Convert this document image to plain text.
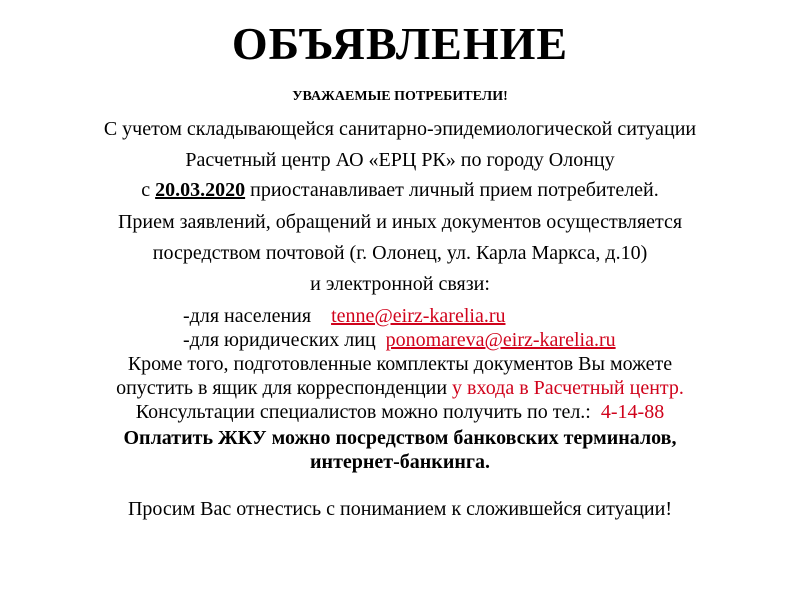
ОБЪЯВЛЕНИЕ
УВАЖАЕМЫЕ ПОТРЕБИТЕЛИ!
С учетом складывающейся санитарно-эпидемиологической ситуации
Расчетный центр АО «ЕРЦ РК» по городу Олонцу
с 20.03.2020 приостанавливает личный прием потребителей.
Прием заявлений, обращений и иных документов осуществляется
посредством почтовой (г. Олонец, ул. Карла Маркса, д.10)
и электронной связи:
-для населения tenne@eirz-karelia.ru
-для юридических лиц ponomareva@eirz-karelia.ru
Кроме того, подготовленные комплекты документов Вы можете
опустить в ящик для корреспонденции у входа в Расчетный центр.
Консультации специалистов можно получить по тел.: 4-14-88
Оплатить ЖКУ можно посредством банковских терминалов,
интернет-банкинга.
Просим Вас отнестись с пониманием к сложившейся ситуации!
